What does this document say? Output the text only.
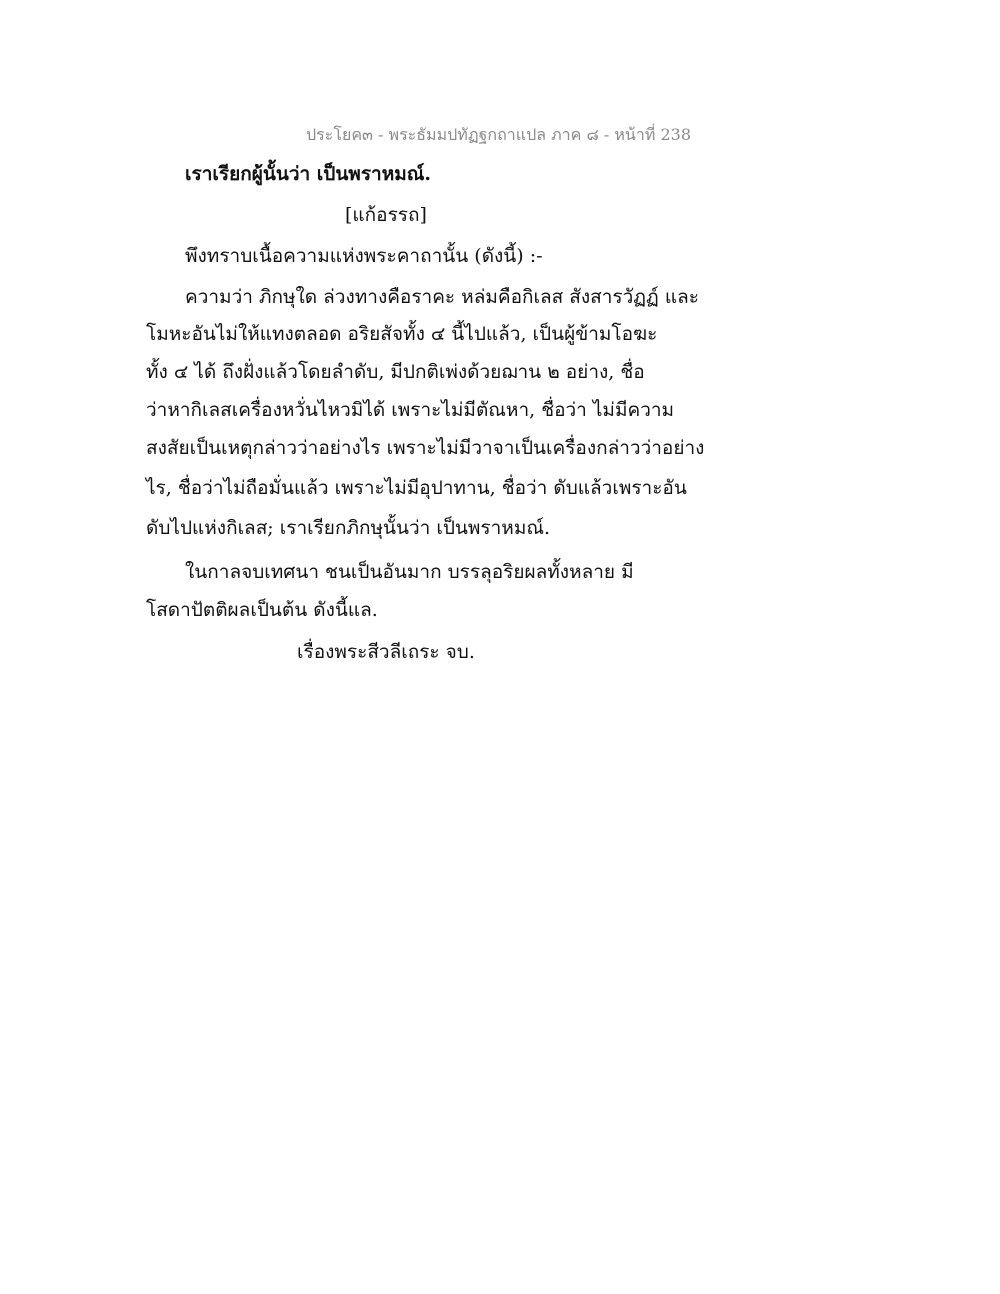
ประโยค๓ - พระธัมมปทัฏฐกถาแปล ภาค ๘ - หน้าที่ 238
เราเรียกผู้นั้นว่า เป็นพราหมณ์.
[แก้อรรถ]
พึงทราบเนื้อความแห่งพระคาถานั้น (ดังนี้) :-
ความว่า ภิกษุใด ล่วงทางคือราคะ หล่มคือกิเลส สังสารวัฏฏ์ และ
โมหะอันไม่ให้แทงตลอด อริยสัจทั้ง ๔ นี้ไปแล้ว, เป็นผู้ข้ามโอฆะ
ทั้ง ๔ ได้ ถึงฝั่งแล้วโดยลำดับ, มีปกติเพ่งด้วยฌาน ๒ อย่าง, ชื่อ
ว่าหากิเลสเครื่องหวั่นไหวมิได้ เพราะไม่มีตัณหา, ชื่อว่า ไม่มีความ
สงสัยเป็นเหตุกล่าวว่าอย่างไร เพราะไม่มีวาจาเป็นเครื่องกล่าวว่าอย่าง
ไร, ชื่อว่าไม่ถือมั่นแล้ว เพราะไม่มีอุปาทาน, ชื่อว่า ดับแล้วเพราะอัน
ดับไปแห่งกิเลส; เราเรียกภิกษุนั้นว่า เป็นพราหมณ์.
ในกาลจบเทศนา ชนเป็นอันมาก บรรลุอริยผลทั้งหลาย มี
โสดาปัตติผลเป็นต้น ดังนี้แล.
เรื่องพระสีวลีเถระ จบ.
